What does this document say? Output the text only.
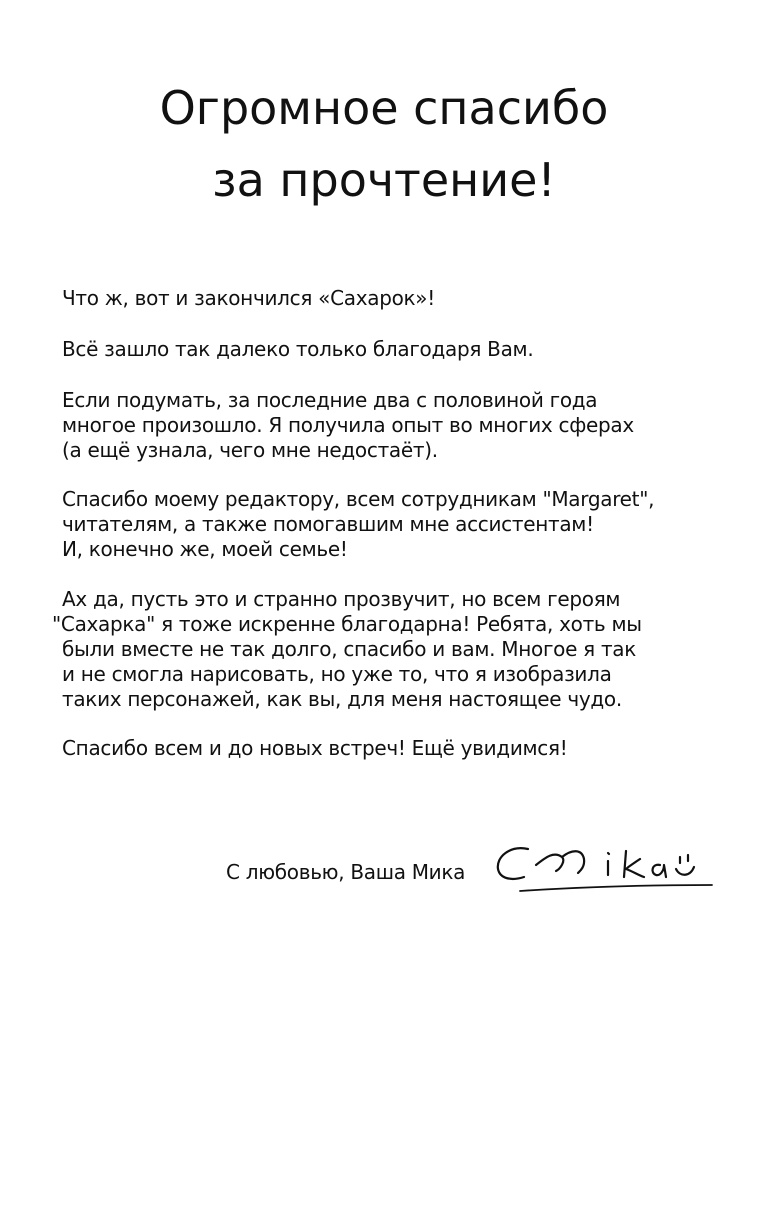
Огромное спасибо
за прочтение!

Что ж, вот и закончился «Сахарок»!

Всё зашло так далеко только благодаря Вам.

Если подумать, за последние два с половиной года
многое произошло. Я получила опыт во многих сферах
(а ещё узнала, чего мне недостаёт).

Спасибо моему редактору, всем сотрудникам "Margaret",
читателям, а также помогавшим мне ассистентам!
И, конечно же, моей семье!

Ах да, пусть это и странно прозвучит, но всем героям
"Сахарка" я тоже искренне благодарна! Ребята, хоть мы
были вместе не так долго, спасибо и вам. Многое я так
и не смогла нарисовать, но уже то, что я изобразила
таких персонажей, как вы, для меня настоящее чудо.

Спасибо всем и до новых встреч! Ещё увидимся!

С любовью, Ваша Мика
